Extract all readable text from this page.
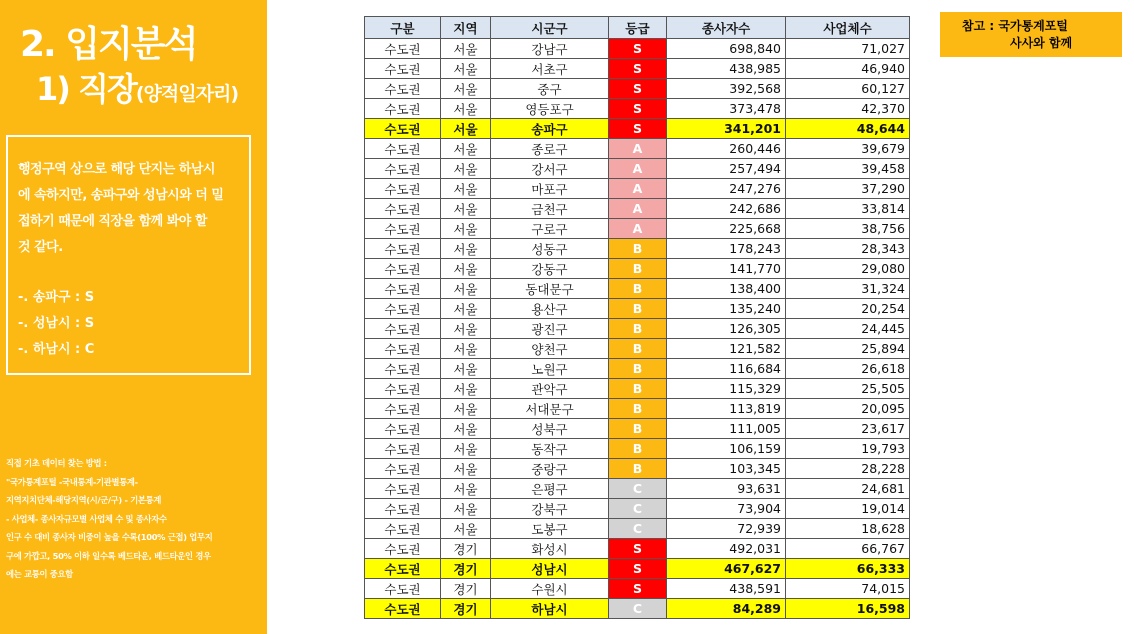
2. 입지분석
1) 직장(양적일자리)
행정구역 상으로 해당 단지는 하남시
에 속하지만, 송파구와 성남시와 더 밀
접하기 때문에 직장을 함께 봐야 할
것 같다.
-. 송파구 : S
-. 성남시 : S
-. 하남시 : C
직접 기초 데이터 찾는 방법 :
"국가통계포털 -국내통계-기관별통계-
지역지치단체-해당지역(시/군/구) - 기본통계
- 사업체- 종사자규모별 사업체 수 및 종사자수
인구 수 대비 종사자 비중이 높을 수록(100% 근접) 업무지
구에 가깝고, 50% 이하 일수록 베드타운, 베드타운인 경우
에는 교통이 중요함
참고 : 국가통계포털
사사와 함께
구분	지역	시군구	등급	종사자수	사업체수
수도권	서울	강남구	S	698,840	71,027
수도권	서울	서초구	S	438,985	46,940
수도권	서울	중구	S	392,568	60,127
수도권	서울	영등포구	S	373,478	42,370
수도권	서울	송파구	S	341,201	48,644
수도권	서울	종로구	A	260,446	39,679
수도권	서울	강서구	A	257,494	39,458
수도권	서울	마포구	A	247,276	37,290
수도권	서울	금천구	A	242,686	33,814
수도권	서울	구로구	A	225,668	38,756
수도권	서울	성동구	B	178,243	28,343
수도권	서울	강동구	B	141,770	29,080
수도권	서울	동대문구	B	138,400	31,324
수도권	서울	용산구	B	135,240	20,254
수도권	서울	광진구	B	126,305	24,445
수도권	서울	양천구	B	121,582	25,894
수도권	서울	노원구	B	116,684	26,618
수도권	서울	관악구	B	115,329	25,505
수도권	서울	서대문구	B	113,819	20,095
수도권	서울	성북구	B	111,005	23,617
수도권	서울	동작구	B	106,159	19,793
수도권	서울	중랑구	B	103,345	28,228
수도권	서울	은평구	C	93,631	24,681
수도권	서울	강북구	C	73,904	19,014
수도권	서울	도봉구	C	72,939	18,628
수도권	경기	화성시	S	492,031	66,767
수도권	경기	성남시	S	467,627	66,333
수도권	경기	수원시	S	438,591	74,015
수도권	경기	하남시	C	84,289	16,598
